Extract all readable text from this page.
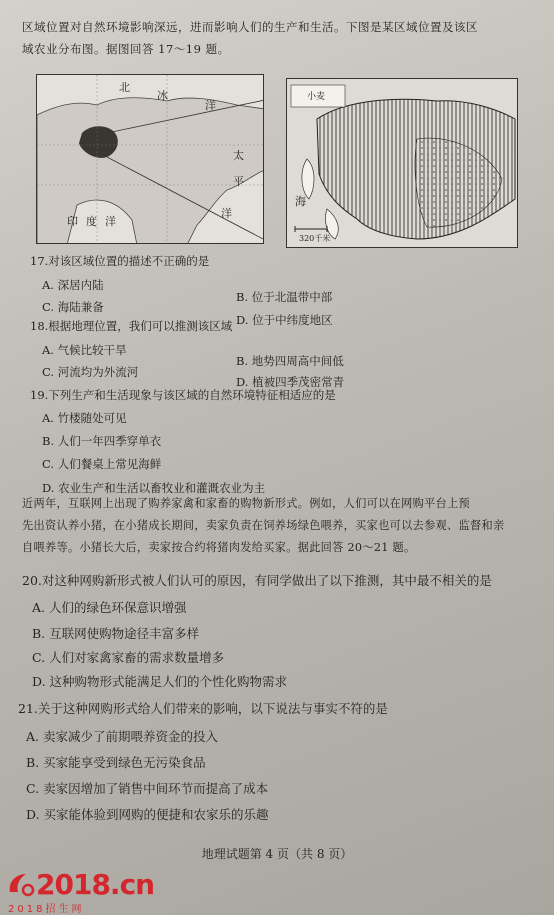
区域位置对自然环境影响深远，进而影响人们的生产和生活。下图是某区域位置及该区
域农业分布图。据图回答 17～19 题。
北
冰
洋
太
平
洋
印度洋
小麦
320千米
海
17.对该区域位置的描述不正确的是
A. 深居内陆
B. 位于北温带中部
C. 海陆兼备
D. 位于中纬度地区
18.根据地理位置，我们可以推测该区域
A. 气候比较干旱
B. 地势四周高中间低
C. 河流均为外流河
D. 植被四季茂密常青
19.下列生产和生活现象与该区域的自然环境特征相适应的是
A. 竹楼随处可见
B. 人们一年四季穿单衣
C. 人们餐桌上常见海鲜
D. 农业生产和生活以畜牧业和灌溉农业为主
近两年，互联网上出现了购养家禽和家畜的购物新形式。例如，人们可以在网购平台上预
先出资认养小猪，在小猪成长期间，卖家负责在饲养场绿色喂养，买家也可以去参观、监督和亲
自喂养等。小猪长大后，卖家按合约将猪肉发给买家。据此回答 20～21 题。
20.对这种网购新形式被人们认可的原因，有同学做出了以下推测，其中最不相关的是
A. 人们的绿色环保意识增强
B. 互联网使购物途径丰富多样
C. 人们对家禽家畜的需求数量增多
D. 这种购物形式能满足人们的个性化购物需求
21.关于这种网购形式给人们带来的影响，以下说法与事实不符的是
A. 卖家减少了前期喂养资金的投入
B. 买家能享受到绿色无污染食品
C. 卖家因增加了销售中间环节而提高了成本
D. 买家能体验到网购的便捷和农家乐的乐趣
地理试题第 4 页（共 8 页）
2018.cn
2018招生网
